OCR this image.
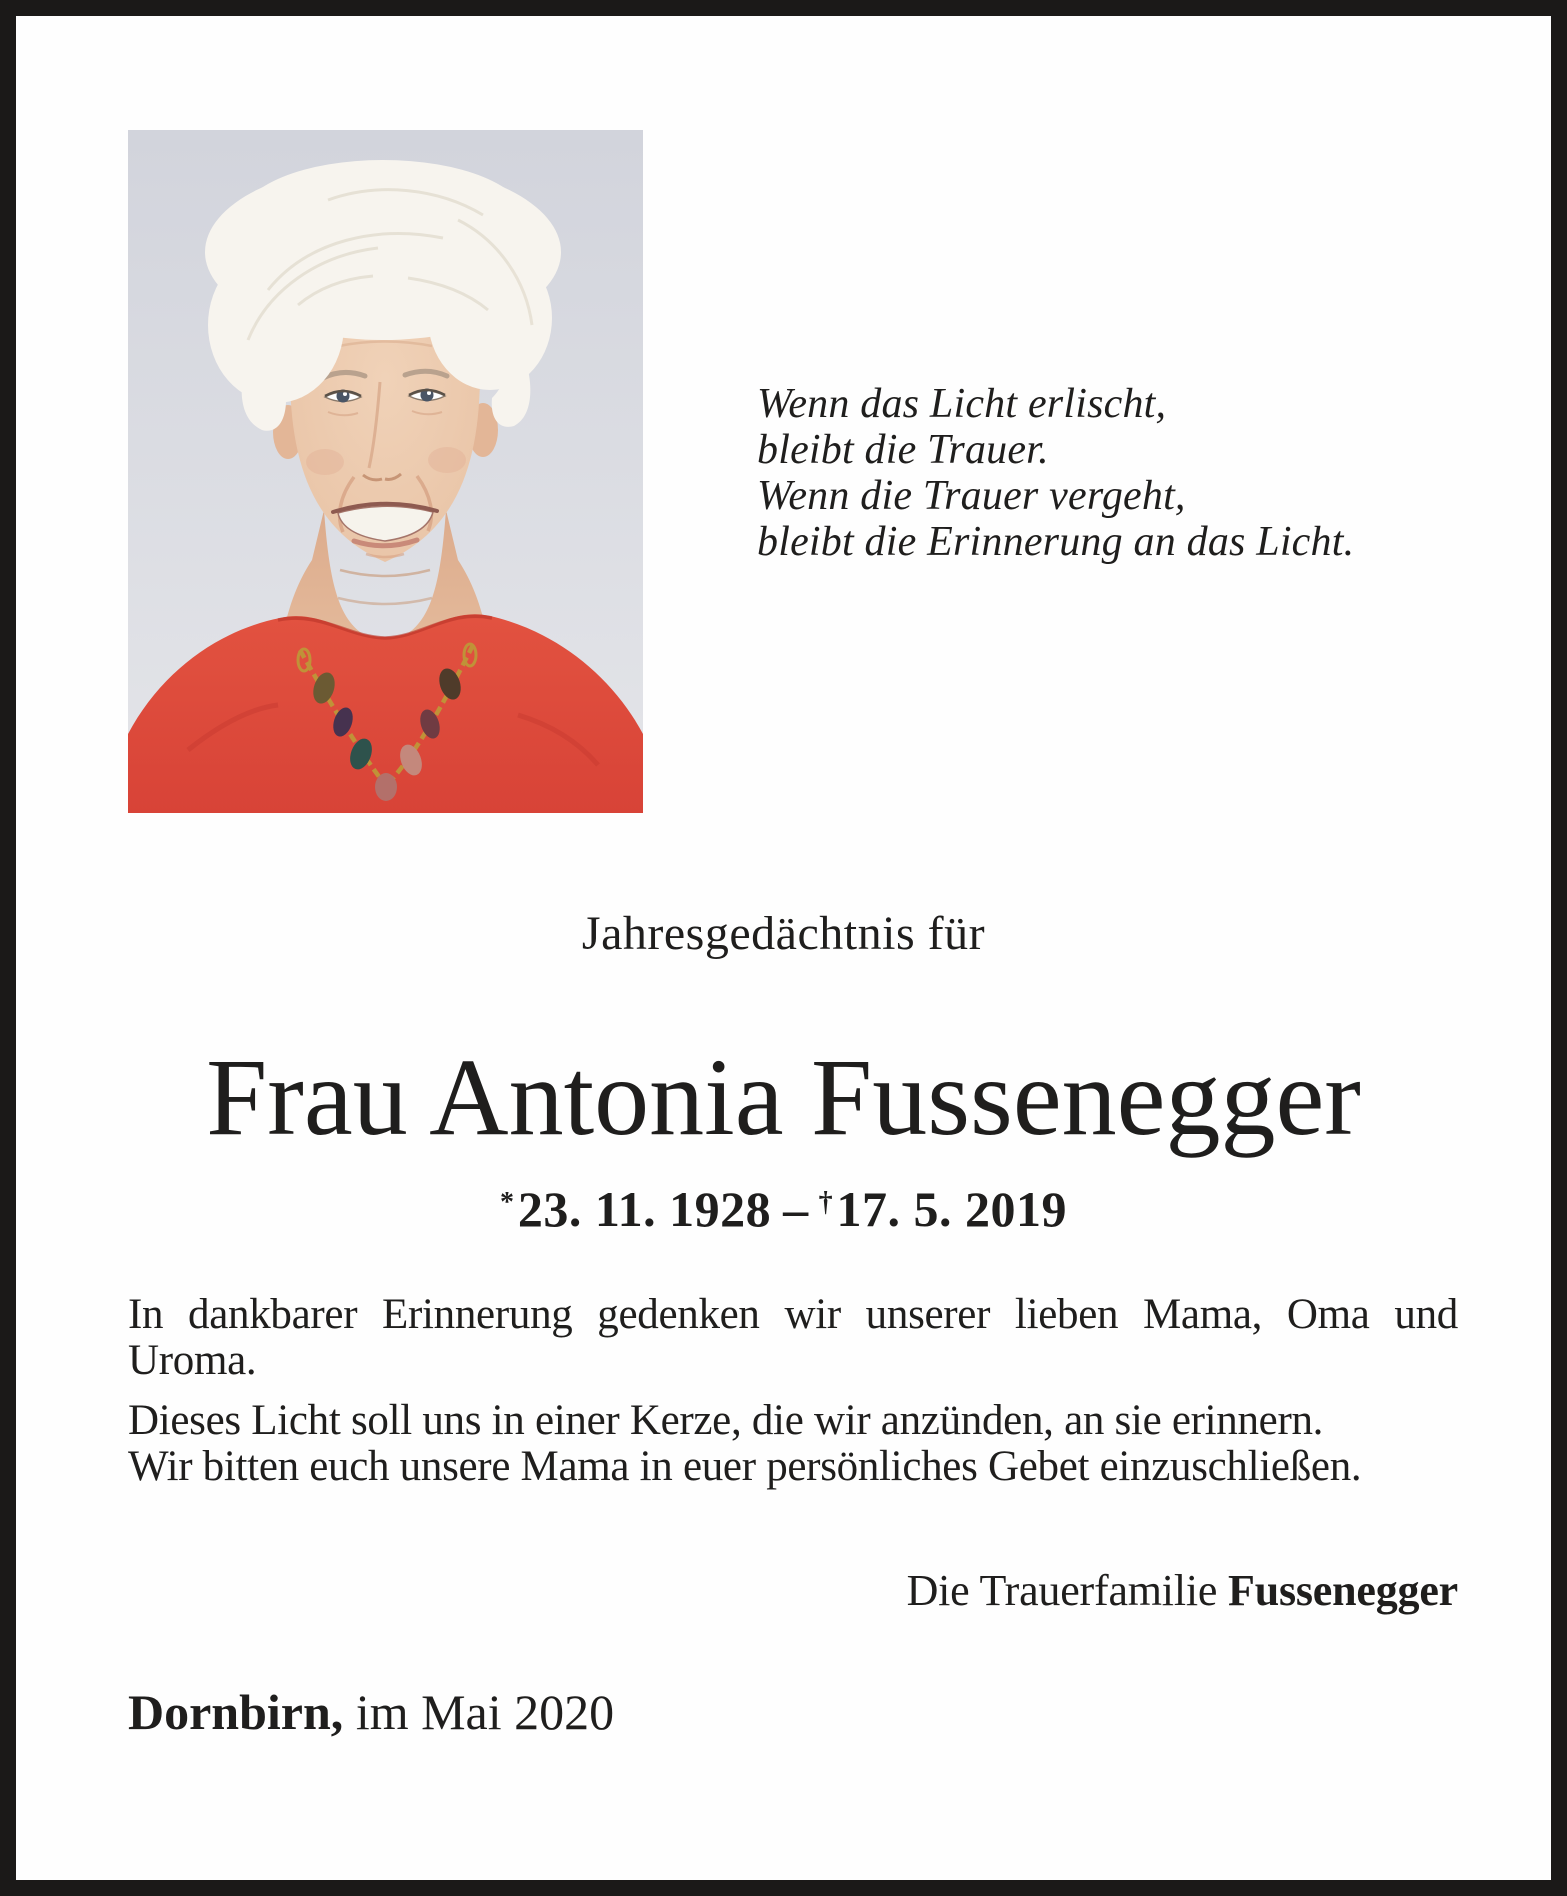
Wenn das Licht erlischt,
bleibt die Trauer.
Wenn die Trauer vergeht,
bleibt die Erinnerung an das Licht.
Jahresgedächtnis für
Frau Antonia Fussenegger
*23. 11. 1928 – †17. 5. 2019

In dankbarer Erinnerung gedenken wir unserer lieben Mama, Oma und
Uroma.

Dieses Licht soll uns in einer Kerze, die wir anzünden, an sie erinnern.
Wir bitten euch unsere Mama in euer persönliches Gebet einzuschließen.

Die Trauerfamilie Fussenegger
Dornbirn, im Mai 2020
